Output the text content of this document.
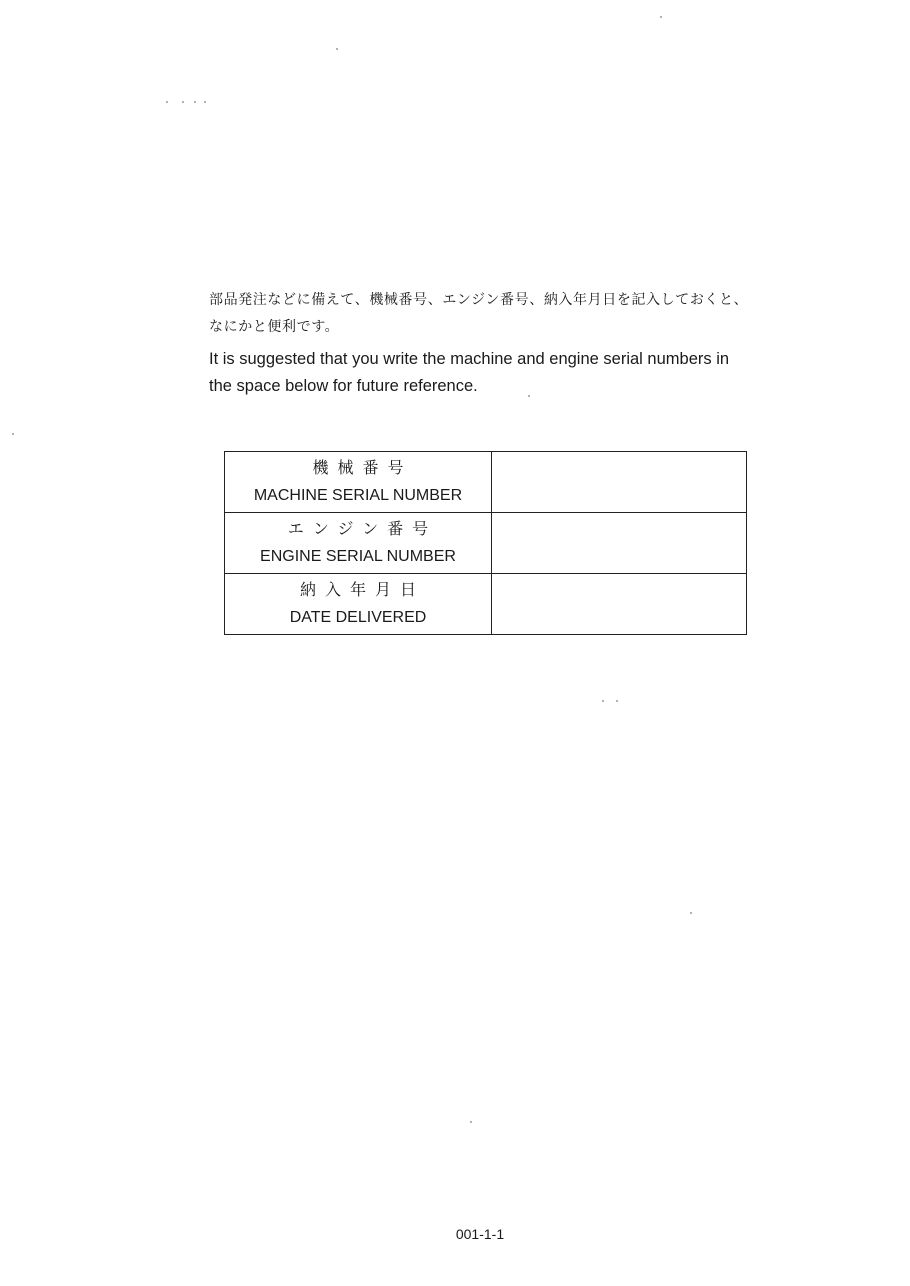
部品発注などに備えて、機械番号、エンジン番号、納入年月日を記入しておくと、
なにかと便利です。
It is suggested that you write the machine and engine serial numbers in
the space below for future reference.
機械番号
MACHINE SERIAL NUMBER	

エンジン番号
ENGINE SERIAL NUMBER	

納入年月日
DATE DELIVERED	

001-1-1
